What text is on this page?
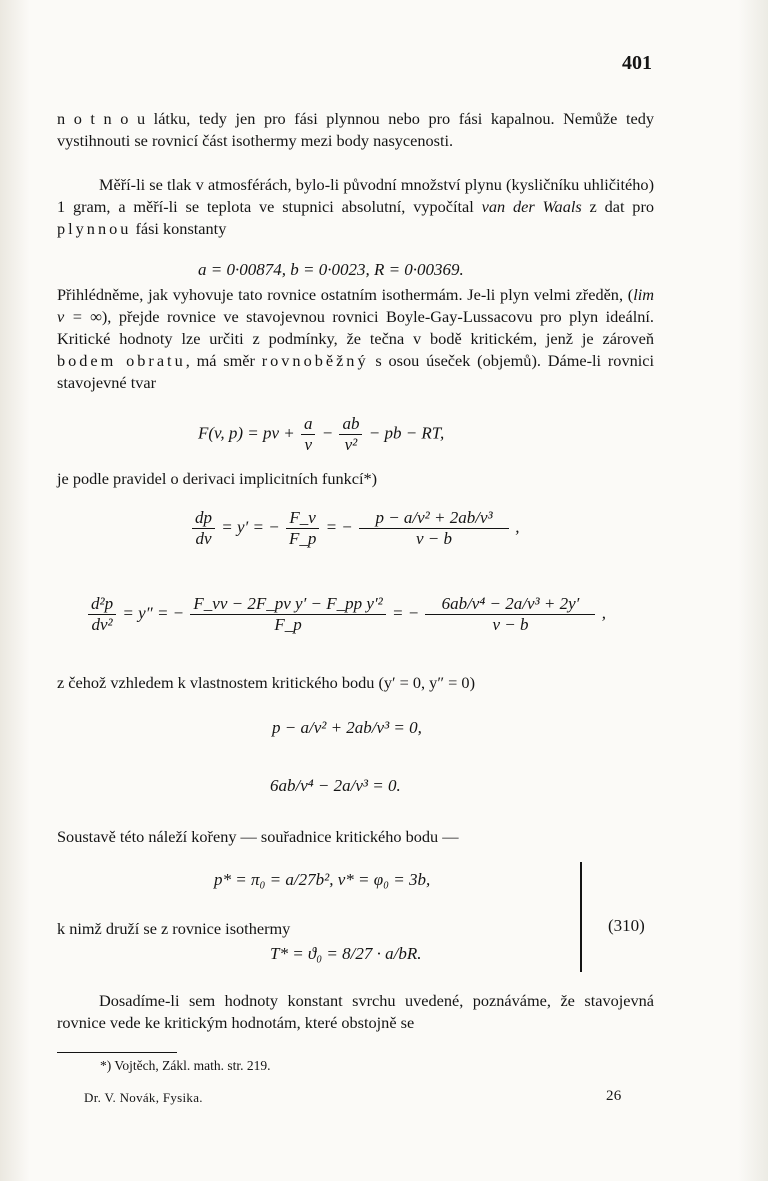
401

n o t n o u látku, tedy jen pro fási plynnou nebo pro fási kapalnou. Nemůže tedy vystihnouti se rovnicí část isothermy mezi body nasycenosti.

Měří-li se tlak v atmosférách, bylo-li původní množství plynu (kysličníku uhličitého) 1 gram, a měří-li se teplota ve stupnici absolutní, vypočítal van der Waals z dat pro plynnou fási konstanty

a = 0·00874, b = 0·0023, R = 0·00369.

Přihlédněme, jak vyhovuje tato rovnice ostatním isothermám. Je-li plyn velmi zředěn, (lim v = ∞), přejde rovnice ve stavojevnou rovnici Boyle-Gay-Lussacovu pro plyn ideální. Kritické hodnoty lze určiti z podmínky, že tečna v bodě kritickém, jenž je zároveň bodem obratu, má směr rovnoběžný s osou úseček (objemů). Dáme-li rovnici stavojevné tvar

F(v, p) = pv + $\frac{a}{v} - \frac{ab}{\text{v²}}$ − pb − RT,

je podle pravidel o derivaci implicitních funkcí*)

$\frac{dp}{dv} = y'$ = − $\frac{F\_v}{F\_p}$ = − $\frac{\text{p − a/v² + 2ab/v³}}{v - b}$ ,
$\frac{\text{d²p}}{\text{dv²}} = y''$ = − $\frac{\text{F\_vv − 2F\_pv y′ − F\_pp y′²}}{F\_p}$ = − $\frac{\text{6ab/v⁴ − 2a/v³ + 2y′}}{v - b}$ ,

z čehož vzhledem k vlastnostem kritického bodu (y′ = 0, y″ = 0)

p − a/v² + 2ab/v³ = 0,
6ab/v⁴ − 2a/v³ = 0.

Soustavě této náleží kořeny — souřadnice kritického bodu —

p* = π₀ = a/27b², v* = φ₀ = 3b,

k nimž druží se z rovnice isothermy

T* = ϑ₀ = 8/27 · a/bR.
(310)

Dosadíme-li sem hodnoty konstant svrchu uvedené, poznáváme, že stavojevná rovnice vede ke kritickým hodnotám, které obstojně se

*) Vojtěch, Zákl. math. str. 219.
Dr. V. Novák, Fysika.	26
